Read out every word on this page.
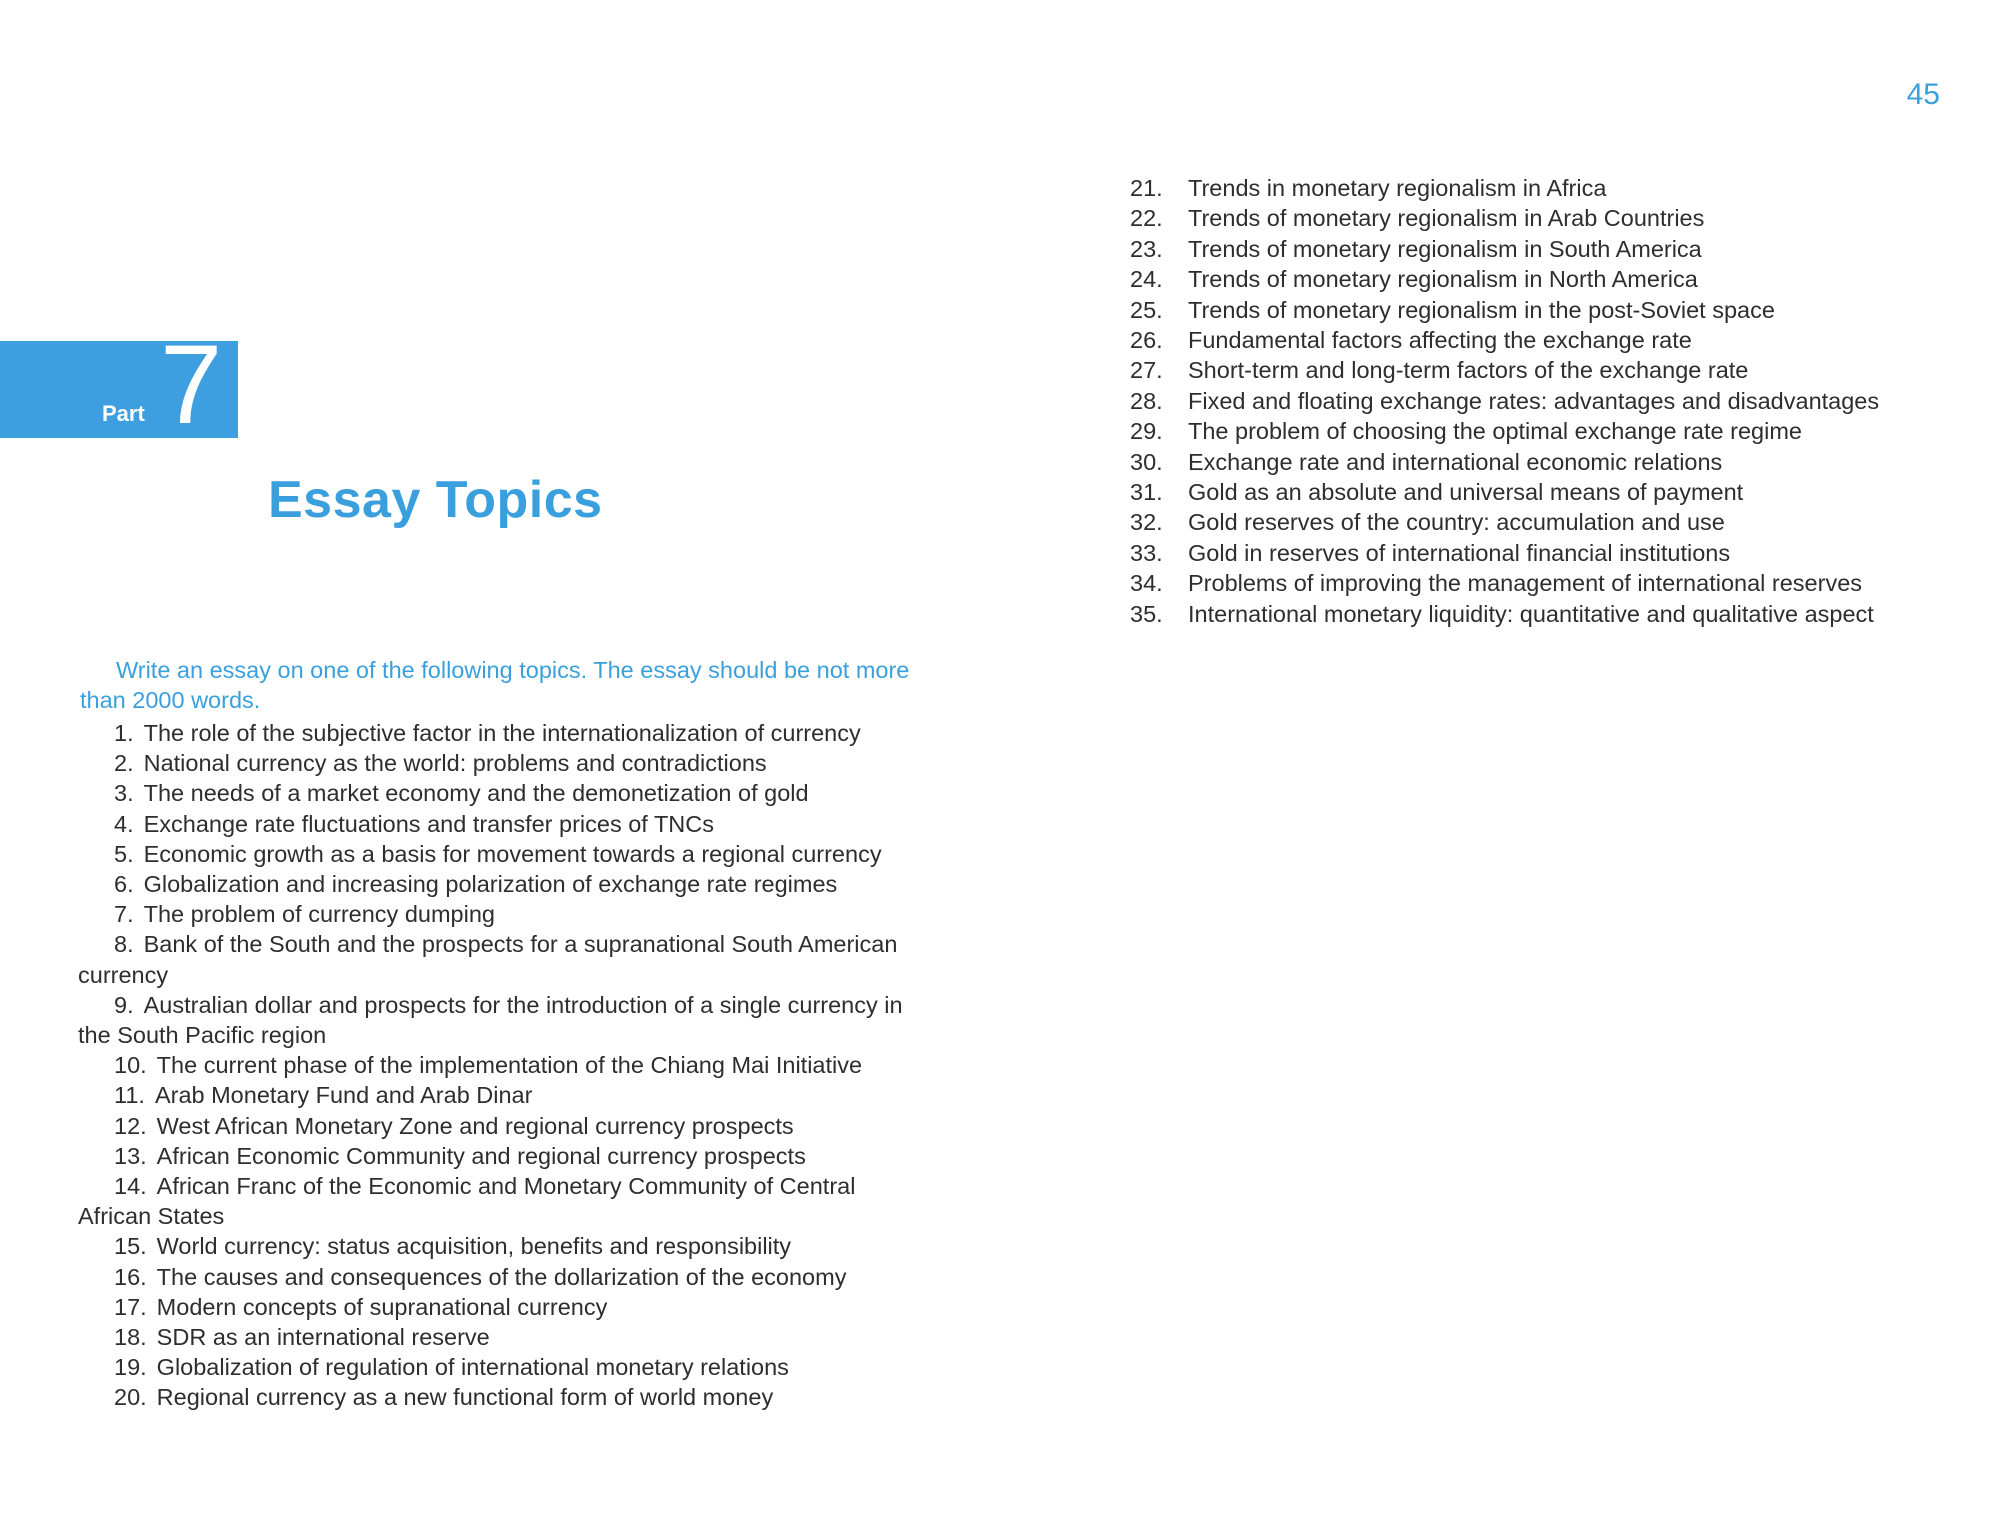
45
Part 7
Essay Topics

Write an essay on one of the following topics. The essay should be not more than 2000 words.

1. The role of the subjective factor in the internationalization of currency
2. National currency as the world: problems and contradictions
3. The needs of a market economy and the demonetization of gold
4. Exchange rate fluctuations and transfer prices of TNCs
5. Economic growth as a basis for movement towards a regional currency
6. Globalization and increasing polarization of exchange rate regimes
7. The problem of currency dumping
8. Bank of the South and the prospects for a supranational South American currency
9. Australian dollar and prospects for the introduction of a single currency in the South Pacific region
10. The current phase of the implementation of the Chiang Mai Initiative
11. Arab Monetary Fund and Arab Dinar
12. West African Monetary Zone and regional currency prospects
13. African Economic Community and regional currency prospects
14. African Franc of the Economic and Monetary Community of Central African States
15. World currency: status acquisition, benefits and responsibility
16. The causes and consequences of the dollarization of the economy
17. Modern concepts of supranational currency
18. SDR as an international reserve
19. Globalization of regulation of international monetary relations
20. Regional currency as a new functional form of world money
21. Trends in monetary regionalism in Africa
22. Trends of monetary regionalism in Arab Countries
23. Trends of monetary regionalism in South America
24. Trends of monetary regionalism in North America
25. Trends of monetary regionalism in the post-Soviet space
26. Fundamental factors affecting the exchange rate
27. Short-term and long-term factors of the exchange rate
28. Fixed and floating exchange rates: advantages and disadvantages
29. The problem of choosing the optimal exchange rate regime
30. Exchange rate and international economic relations
31. Gold as an absolute and universal means of payment
32. Gold reserves of the country: accumulation and use
33. Gold in reserves of international financial institutions
34. Problems of improving the management of international reserves
35. International monetary liquidity: quantitative and qualitative aspect
